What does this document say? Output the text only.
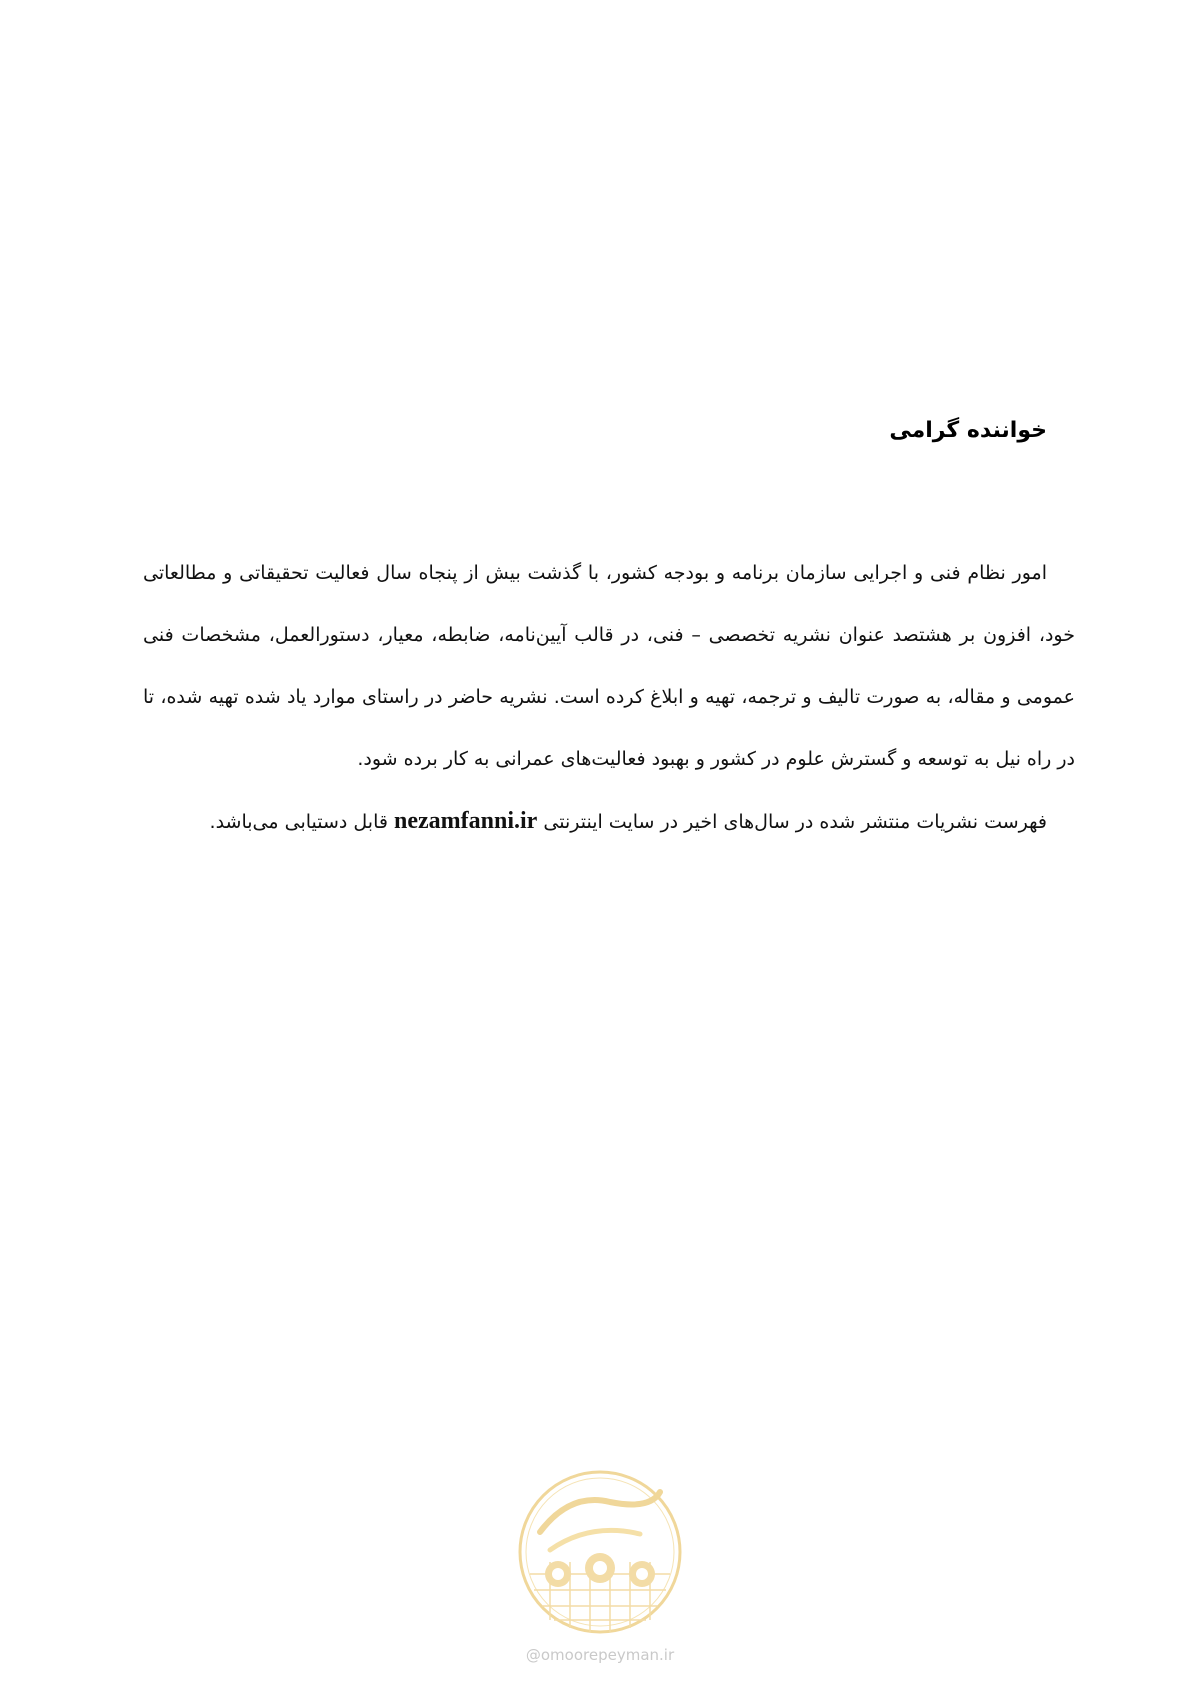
خواننده گرامی

امور نظام فنی و اجرایی سازمان برنامه و بودجه کشور، با گذشت بیش از پنجاه سال فعالیت تحقیقاتی و مطالعاتی خود، افزون بر هشتصد عنوان نشریه تخصصی – فنی، در قالب آیین‌نامه، ضابطه، معیار، دستورالعمل، مشخصات فنی عمومی و مقاله، به صورت تالیف و ترجمه، تهیه و ابلاغ کرده است. نشریه حاضر در راستای موارد یاد شده تهیه شده، تا در راه نیل به توسعه و گسترش علوم در کشور و بهبود فعالیت‌های عمرانی به کار برده شود.

فهرست نشریات منتشر شده در سال‌های اخیر در سایت اینترنتی nezamfanni.ir قابل دستیابی می‌باشد.

@omoorepeyman.ir
